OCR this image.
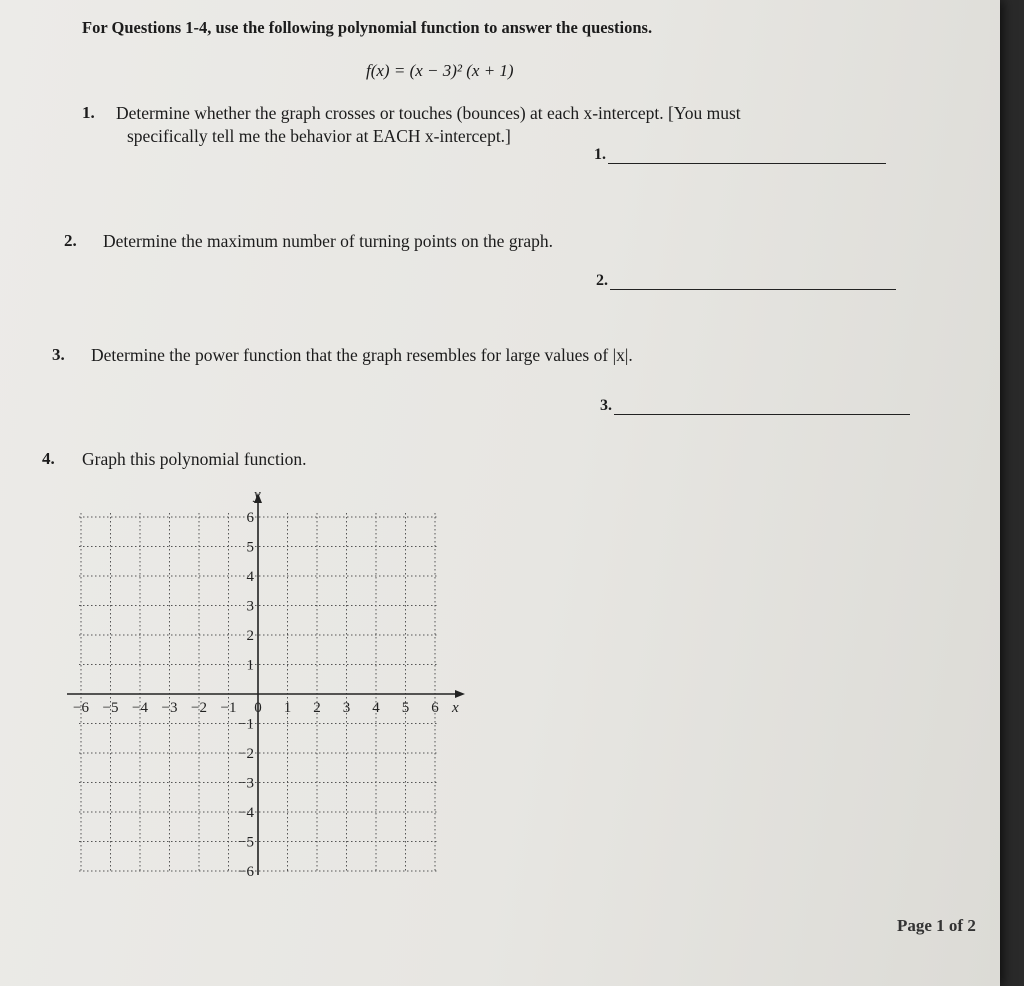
For Questions 1-4, use the following polynomial function to answer the questions.
f(x) = (x − 3)² (x + 1)
1. Determine whether the graph crosses or touches (bounces) at each x-intercept. [You must
specifically tell me the behavior at EACH x-intercept.]
1.
2. Determine the maximum number of turning points on the graph.
2.
3. Determine the power function that the graph resembles for large values of |x|.
3.
4. Graph this polynomial function.
x
y
−6 −5 −4 −3 −2 −1 0 1 2 3 4 5 6
−6
−5
−4
−3
−2
−1
1
2
3
4
5
6
Page 1 of 2
